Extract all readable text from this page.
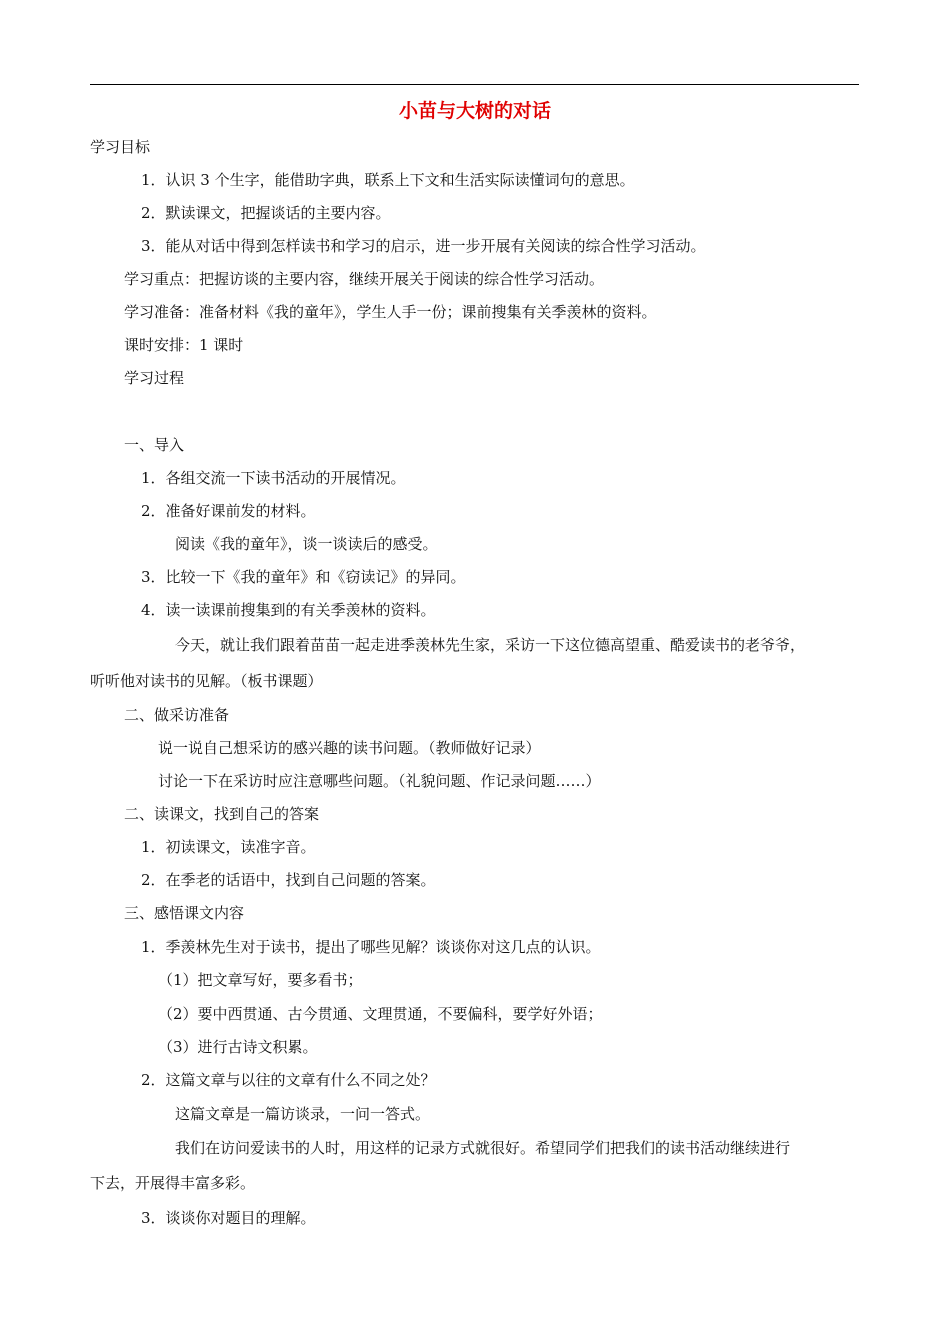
小苗与大树的对话
学习目标
1．认识 3 个生字，能借助字典，联系上下文和生活实际读懂词句的意思。
2．默读课文，把握谈话的主要内容。
3．能从对话中得到怎样读书和学习的启示，进一步开展有关阅读的综合性学习活动。
学习重点：把握访谈的主要内容，继续开展关于阅读的综合性学习活动。
学习准备：准备材料《我的童年》，学生人手一份；课前搜集有关季羡林的资料。
课时安排：1 课时
学习过程
一、导入
1．各组交流一下读书活动的开展情况。
2．准备好课前发的材料。
阅读《我的童年》，谈一谈读后的感受。
3．比较一下《我的童年》和《窃读记》的异同。
4．读一读课前搜集到的有关季羡林的资料。
今天，就让我们跟着苗苗一起走进季羡林先生家，采访一下这位德高望重、酷爱读书的老爷爷，
听听他对读书的见解。（板书课题）
二、做采访准备
说一说自己想采访的感兴趣的读书问题。（教师做好记录）
讨论一下在采访时应注意哪些问题。（礼貌问题、作记录问题……）
二、读课文，找到自己的答案
1．初读课文，读准字音。
2．在季老的话语中，找到自己问题的答案。
三、感悟课文内容
1．季羡林先生对于读书，提出了哪些见解？谈谈你对这几点的认识。
（1）把文章写好，要多看书；
（2）要中西贯通、古今贯通、文理贯通，不要偏科，要学好外语；
（3）进行古诗文积累。
2．这篇文章与以往的文章有什么不同之处？
这篇文章是一篇访谈录，一问一答式。
我们在访问爱读书的人时，用这样的记录方式就很好。希望同学们把我们的读书活动继续进行
下去，开展得丰富多彩。
3．谈谈你对题目的理解。
